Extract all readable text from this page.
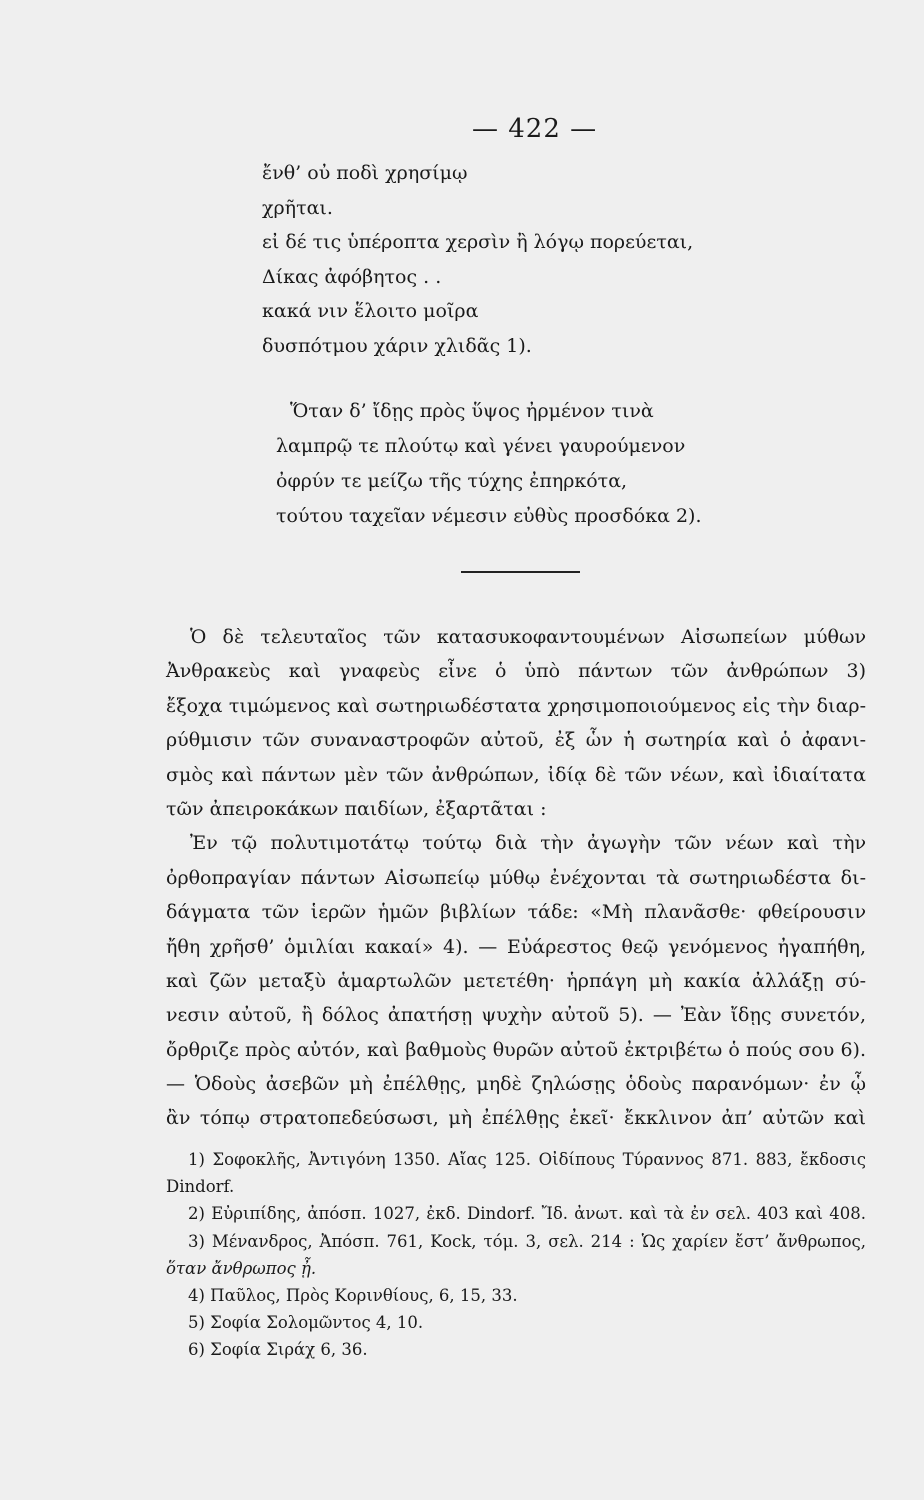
— 422 —
ἔνθ’ οὐ ποδὶ χρησίμῳ
χρῆται.
εἰ δέ τις ὑπέροπτα χερσὶν ἢ λόγῳ πορεύεται,
Δίκας ἀφόβητος . .
κακά νιν ἕλοιτο μοῖρα
δυσπότμου χάριν χλιδᾶς 1).
Ὅταν δ’ ἴδῃς πρὸς ὕψος ἠρμένον τινὰ
λαμπρῷ τε πλούτῳ καὶ γένει γαυρούμενον
ὀφρύν τε μείζω τῆς τύχης ἐπηρκότα,
τούτου ταχεῖαν νέμεσιν εὐθὺς προσδόκα 2).
Ὁ δὲ τελευταῖος τῶν κατασυκοφαντουμένων Αἰσωπείων μύθων
Ἀνθρακεὺς καὶ γναφεὺς εἶνε ὁ ὑπὸ πάντων τῶν ἀνθρώπων 3)
ἔξοχα τιμώμενος καὶ σωτηριωδέστατα χρησιμοποιούμενος εἰς τὴν διαρ-
ρύθμισιν τῶν συναναστροφῶν αὐτοῦ, ἐξ ὧν ἡ σωτηρία καὶ ὁ ἀφανι-
σμὸς καὶ πάντων μὲν τῶν ἀνθρώπων, ἰδίᾳ δὲ τῶν νέων, καὶ ἰδιαίτατα
τῶν ἀπειροκάκων παιδίων, ἐξαρτᾶται :
Ἐν τῷ πολυτιμοτάτῳ τούτῳ διὰ τὴν ἀγωγὴν τῶν νέων καὶ τὴν
ὀρθοπραγίαν πάντων Αἰσωπείῳ μύθῳ ἐνέχονται τὰ σωτηριωδέστα δι-
δάγματα τῶν ἱερῶν ἡμῶν βιβλίων τάδε: «Μὴ πλανᾶσθε· φθείρουσιν
ἤθη χρῆσθ’ ὁμιλίαι κακαί» 4). — Εὐάρεστος θεῷ γενόμενος ἠγαπήθη,
καὶ ζῶν μεταξὺ ἁμαρτωλῶν μετετέθη· ἡρπάγη μὴ κακία ἀλλάξῃ σύ-
νεσιν αὐτοῦ, ἢ δόλος ἀπατήσῃ ψυχὴν αὐτοῦ 5). — Ἐὰν ἴδῃς συνετόν,
ὄρθριζε πρὸς αὐτόν, καὶ βαθμοὺς θυρῶν αὐτοῦ ἐκτριβέτω ὁ πούς σου 6).
— Ὁδοὺς ἀσεβῶν μὴ ἐπέλθῃς, μηδὲ ζηλώσῃς ὁδοὺς παρανόμων· ἐν ᾧ
ἂν τόπῳ στρατοπεδεύσωσι, μὴ ἐπέλθῃς ἐκεῖ· ἔκκλινον ἀπ’ αὐτῶν καὶ
1) Σοφοκλῆς, Ἀντιγόνη 1350. Αἴας 125. Οἰδίπους Τύραννος 871. 883, ἔκδοσις
Dindorf.
2) Εὐριπίδης, ἀπόσπ. 1027, ἐκδ. Dindorf. Ἴδ. ἀνωτ. καὶ τὰ ἐν σελ. 403 καὶ 408.
3) Μένανδρος, Ἀπόσπ. 761, Kock, τόμ. 3, σελ. 214 : Ὡς χαρίεν ἔστ’ ἄνθρωπος,
ὅταν ἄνθρωπος ᾖ.
4) Παῦλος, Πρὸς Κορινθίους, 6, 15, 33.
5) Σοφία Σολομῶντος 4, 10.
6) Σοφία Σιράχ 6, 36.
